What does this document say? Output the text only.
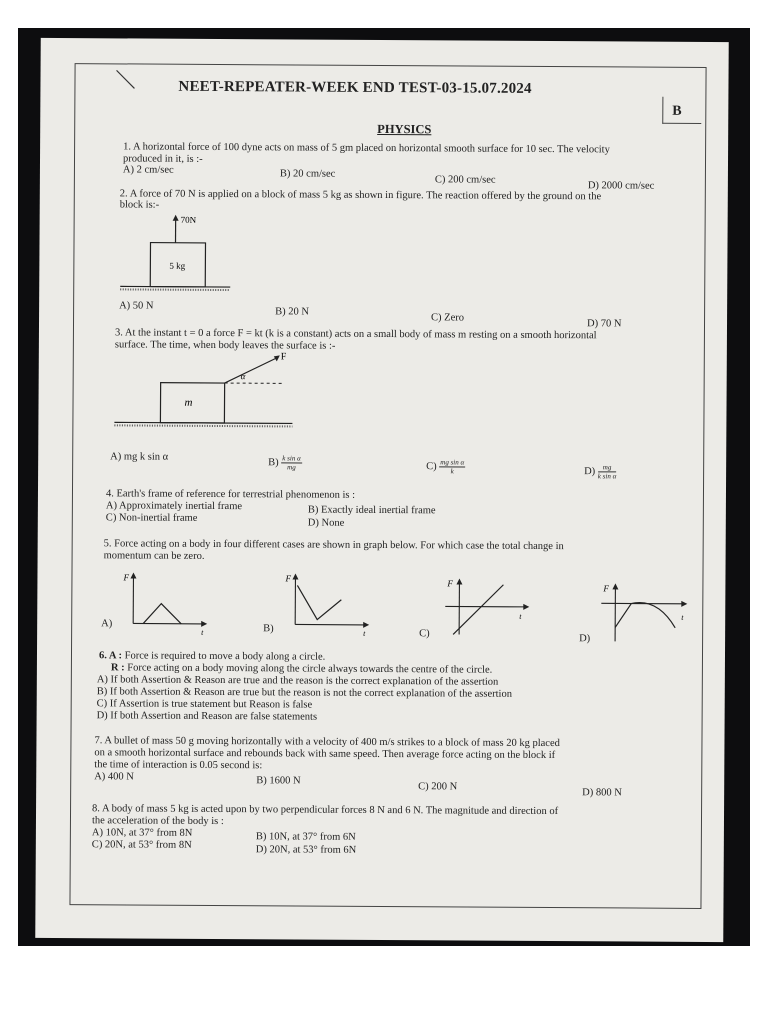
NEET-REPEATER-WEEK END TEST-03-15.07.2024
B
PHYSICS
1. A horizontal force of 100 dyne acts on mass of 5 gm placed on horizontal smooth surface for 10 sec. The velocity
produced in it, is :-
A) 2 cm/sec	B) 20 cm/sec
C) 200 cm/sec
D) 2000 cm/sec
2. A force of 70 N is applied on a block of mass 5 kg as shown in figure. The reaction offered by the ground on the
block is:-
70N
5 kg
A) 50 N
B) 20 N
C) Zero
D) 70 N
3. At the instant t = 0 a force F = kt (k is a constant) acts on a small body of mass m resting on a smooth horizontal
surface. The time, when body leaves the surface is :-
m
F
α
A) mg k sin α
$B) \frac{\text{k sin α}}{mg}$	$C) \frac{\text{mg sin α}}{k}$	$D) \frac{mg}{\text{k sin α}}$
4. Earth's frame of reference for terrestrial phenomenon is :
A) Approximately inertial frame	B) Exactly ideal inertial frame
C) Non-inertial frame	D) None
5. Force acting on a body in four different cases are shown in graph below. For which case the total change in
momentum can be zero.
F
t
A)
F
t
B)
F
t
C)
F
t
D)
6. A : Force is required to move a body along a circle.
R : Force acting on a body moving along the circle always towards the centre of the circle.
A) If both Assertion & Reason are true and the reason is the correct explanation of the assertion
B) If both Assertion & Reason are true but the reason is not the correct explanation of the assertion
C) If Assertion is true statement but Reason is false
D) If both Assertion and Reason are false statements
7. A bullet of mass 50 g moving horizontally with a velocity of 400 m/s strikes to a block of mass 20 kg placed
on a smooth horizontal surface and rebounds back with same speed. Then average force acting on the block if
the time of interaction is 0.05 second is:
A) 400 N	B) 1600 N
C) 200 N
D) 800 N
8. A body of mass 5 kg is acted upon by two perpendicular forces 8 N and 6 N. The magnitude and direction of
the acceleration of the body is :
A) 10N, at 37° from 8N	B) 10N, at 37° from 6N
C) 20N, at 53° from 8N	D) 20N, at 53° from 6N
